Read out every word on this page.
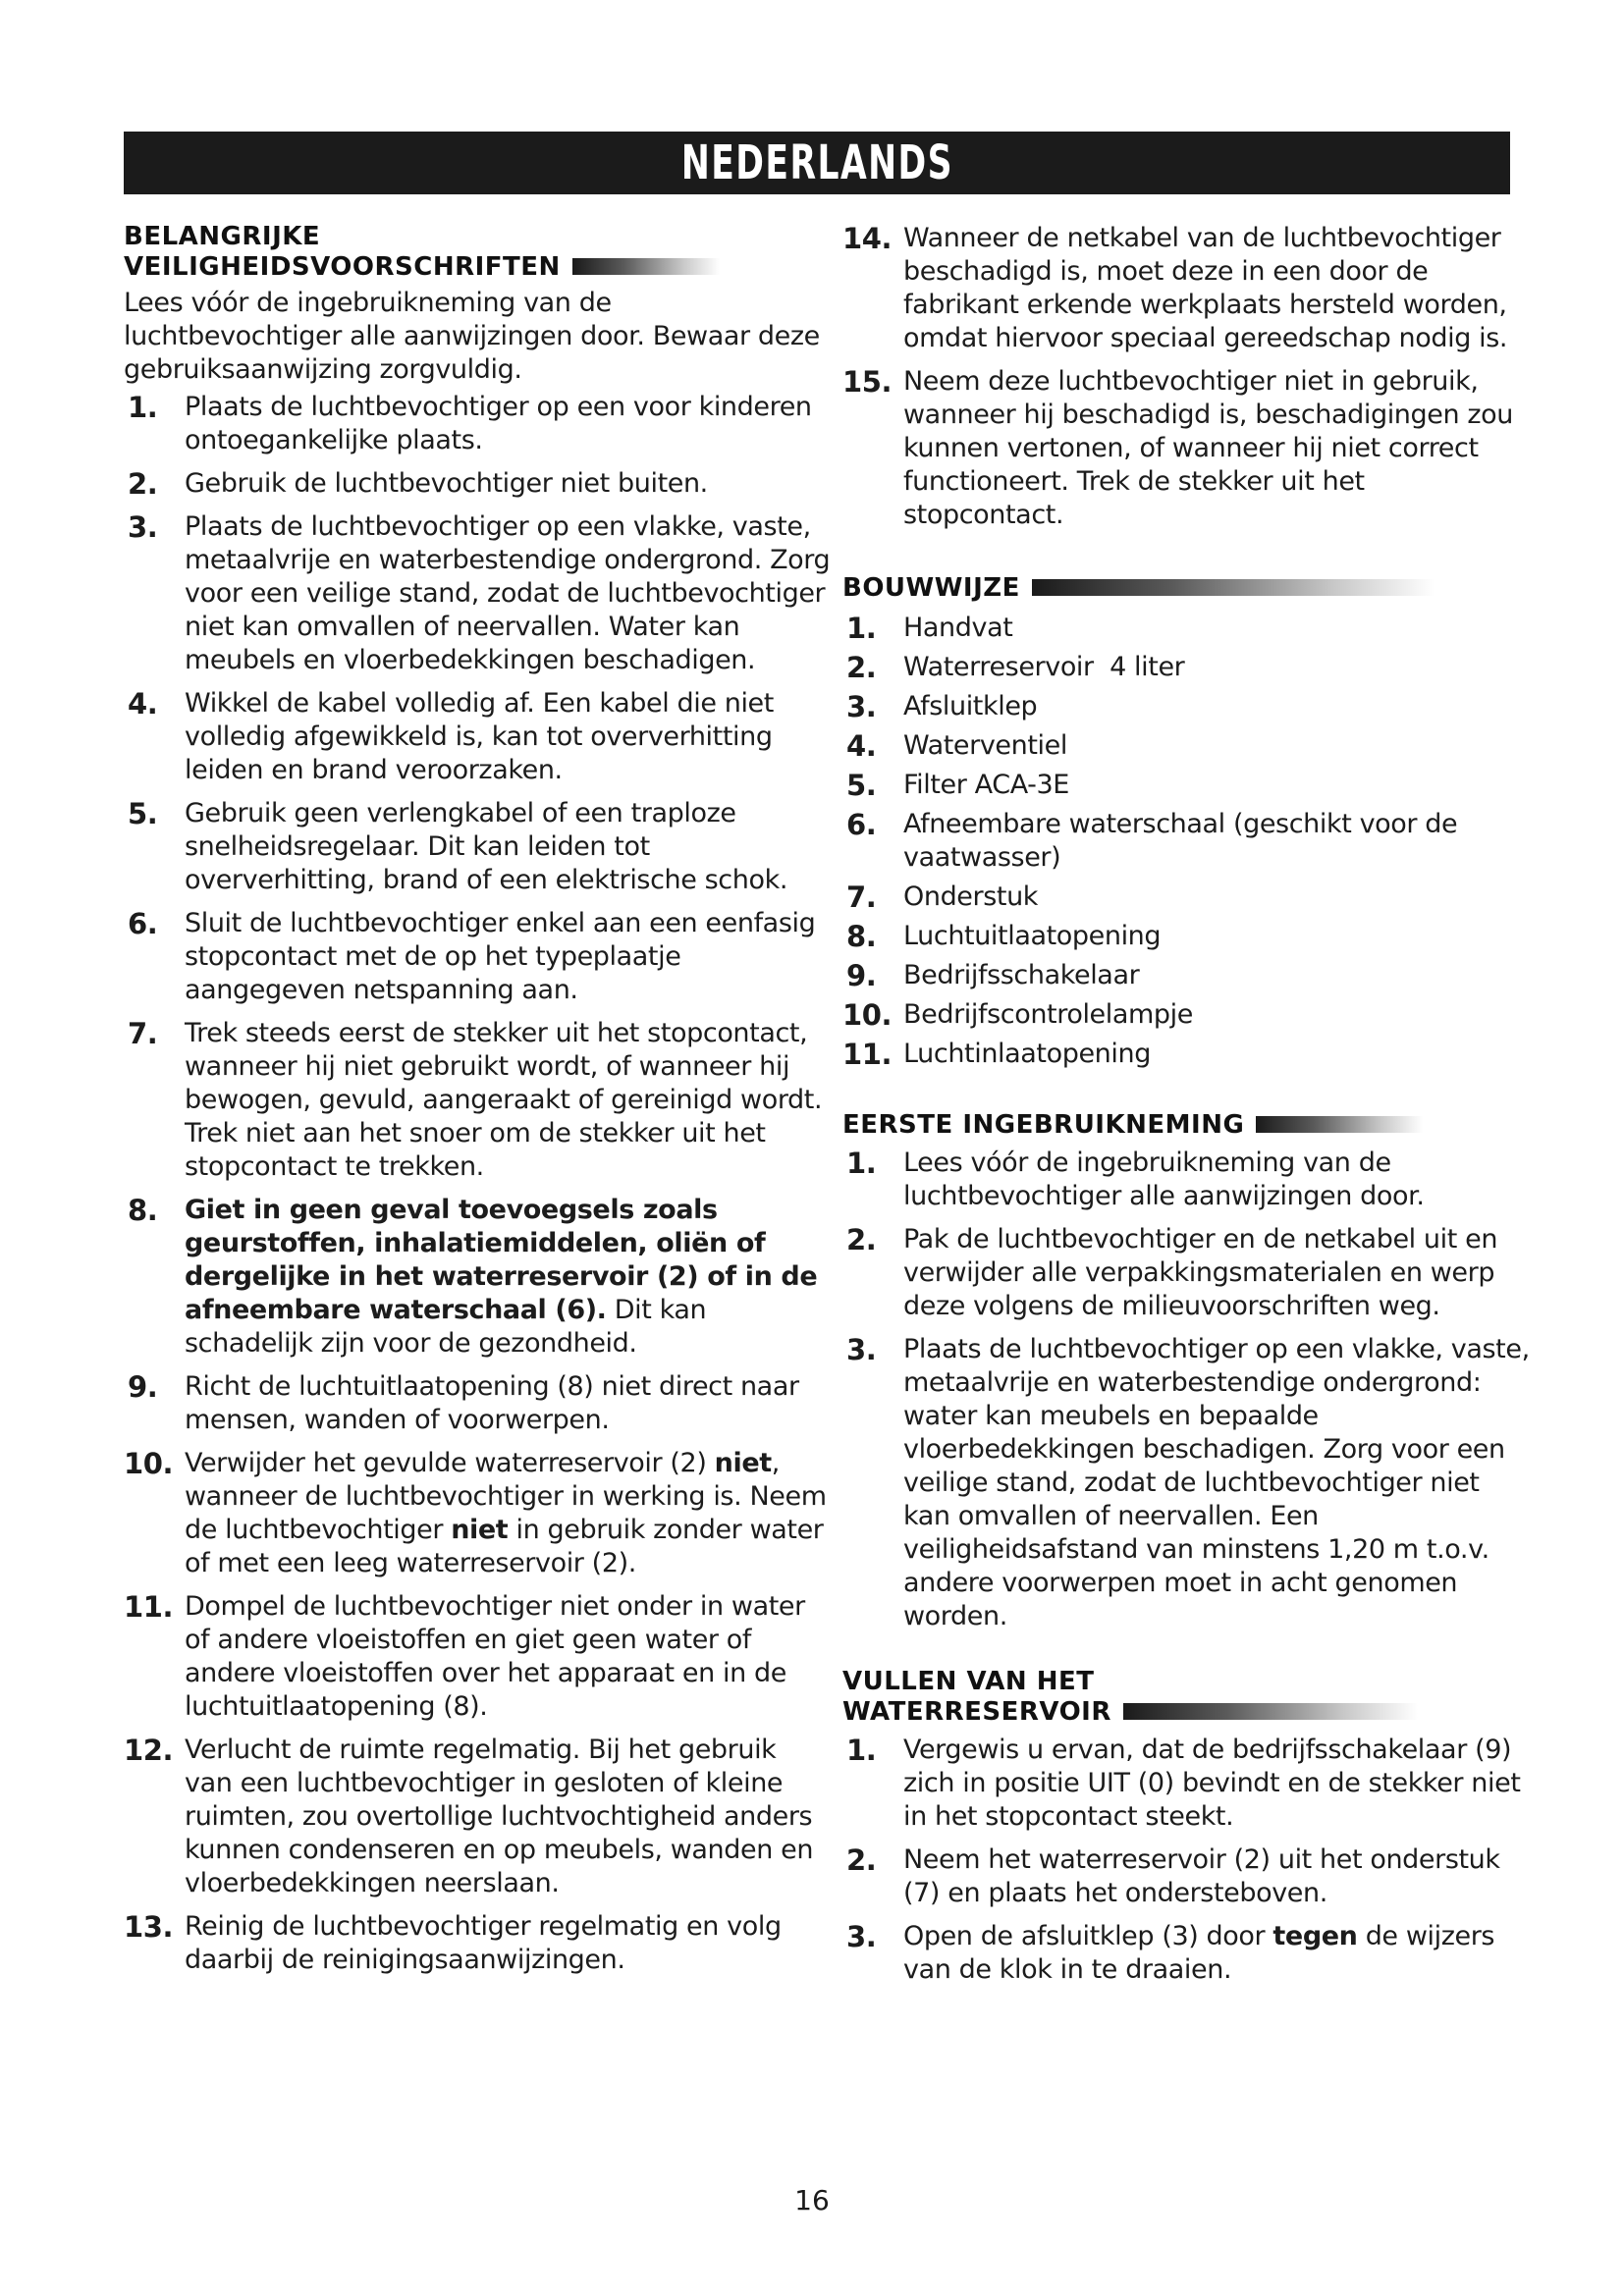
NEDERLANDS
BELANGRIJKE
VEILIGHEIDSVOORSCHRIFTEN

Lees vóór de ingebruikneming van de luchtbevochtiger alle aanwijzingen door. Bewaar deze gebruiksaanwijzing zorgvuldig.

1. Plaats de luchtbevochtiger op een voor kinderen ontoegankelijke plaats.
2. Gebruik de luchtbevochtiger niet buiten.
3. Plaats de luchtbevochtiger op een vlakke, vaste, metaalvrije en waterbestendige ondergrond. Zorg voor een veilige stand, zodat de luchtbevochtiger niet kan omvallen of neervallen. Water kan meubels en vloerbedekkingen beschadigen.
4. Wikkel de kabel volledig af. Een kabel die niet volledig afgewikkeld is, kan tot oververhitting leiden en brand veroorzaken.
5. Gebruik geen verlengkabel of een traploze snelheidsregelaar. Dit kan leiden tot oververhitting, brand of een elektrische schok.
6. Sluit de luchtbevochtiger enkel aan een eenfasig stopcontact met de op het typeplaatje aangegeven netspanning aan.
7. Trek steeds eerst de stekker uit het stopcontact, wanneer hij niet gebruikt wordt, of wanneer hij bewogen, gevuld, aangeraakt of gereinigd wordt. Trek niet aan het snoer om de stekker uit het stopcontact te trekken.
8. Giet in geen geval toevoegsels zoals geurstoffen, inhalatiemiddelen, oliën of dergelijke in het waterreservoir (2) of in de afneembare waterschaal (6). Dit kan schadelijk zijn voor de gezondheid.
9. Richt de luchtuitlaatopening (8) niet direct naar mensen, wanden of voorwerpen.
10. Verwijder het gevulde waterreservoir (2) niet, wanneer de luchtbevochtiger in werking is. Neem de luchtbevochtiger niet in gebruik zonder water of met een leeg waterreservoir (2).
11. Dompel de luchtbevochtiger niet onder in water of andere vloeistoffen en giet geen water of andere vloeistoffen over het apparaat en in de luchtuitlaatopening (8).
12. Verlucht de ruimte regelmatig. Bij het gebruik van een luchtbevochtiger in gesloten of kleine ruimten, zou overtollige luchtvochtigheid anders kunnen condenseren en op meubels, wanden en vloerbedekkingen neerslaan.
13. Reinig de luchtbevochtiger regelmatig en volg daarbij de reinigingsaanwijzingen.
14. Wanneer de netkabel van de luchtbevochtiger beschadigd is, moet deze in een door de fabrikant erkende werkplaats hersteld worden, omdat hiervoor speciaal gereedschap nodig is.
15. Neem deze luchtbevochtiger niet in gebruik, wanneer hij beschadigd is, beschadigingen zou kunnen vertonen, of wanneer hij niet correct functioneert. Trek de stekker uit het stopcontact.
BOUWWIJZE
1. Handvat
2. Waterreservoir  4 liter
3. Afsluitklep
4. Waterventiel
5. Filter ACA-3E
6. Afneembare waterschaal (geschikt voor de vaatwasser)
7. Onderstuk
8. Luchtuitlaatopening
9. Bedrijfsschakelaar
10. Bedrijfscontrolelampje
11. Luchtinlaatopening
EERSTE INGEBRUIKNEMING
1. Lees vóór de ingebruikneming van de luchtbevochtiger alle aanwijzingen door.
2. Pak de luchtbevochtiger en de netkabel uit en verwijder alle verpakkingsmaterialen en werp deze volgens de milieuvoorschriften weg.
3. Plaats de luchtbevochtiger op een vlakke, vaste, metaalvrije en waterbestendige ondergrond: water kan meubels en bepaalde vloerbedekkingen beschadigen. Zorg voor een veilige stand, zodat de luchtbevochtiger niet kan omvallen of neervallen. Een veiligheidsafstand van minstens 1,20 m t.o.v. andere voorwerpen moet in acht genomen worden.
VULLEN VAN HET
WATERRESERVOIR
1. Vergewis u ervan, dat de bedrijfsschakelaar (9) zich in positie UIT (0) bevindt en de stekker niet in het stopcontact steekt.
2. Neem het waterreservoir (2) uit het onderstuk (7) en plaats het ondersteboven.
3. Open de afsluitklep (3) door tegen de wijzers van de klok in te draaien.
16
